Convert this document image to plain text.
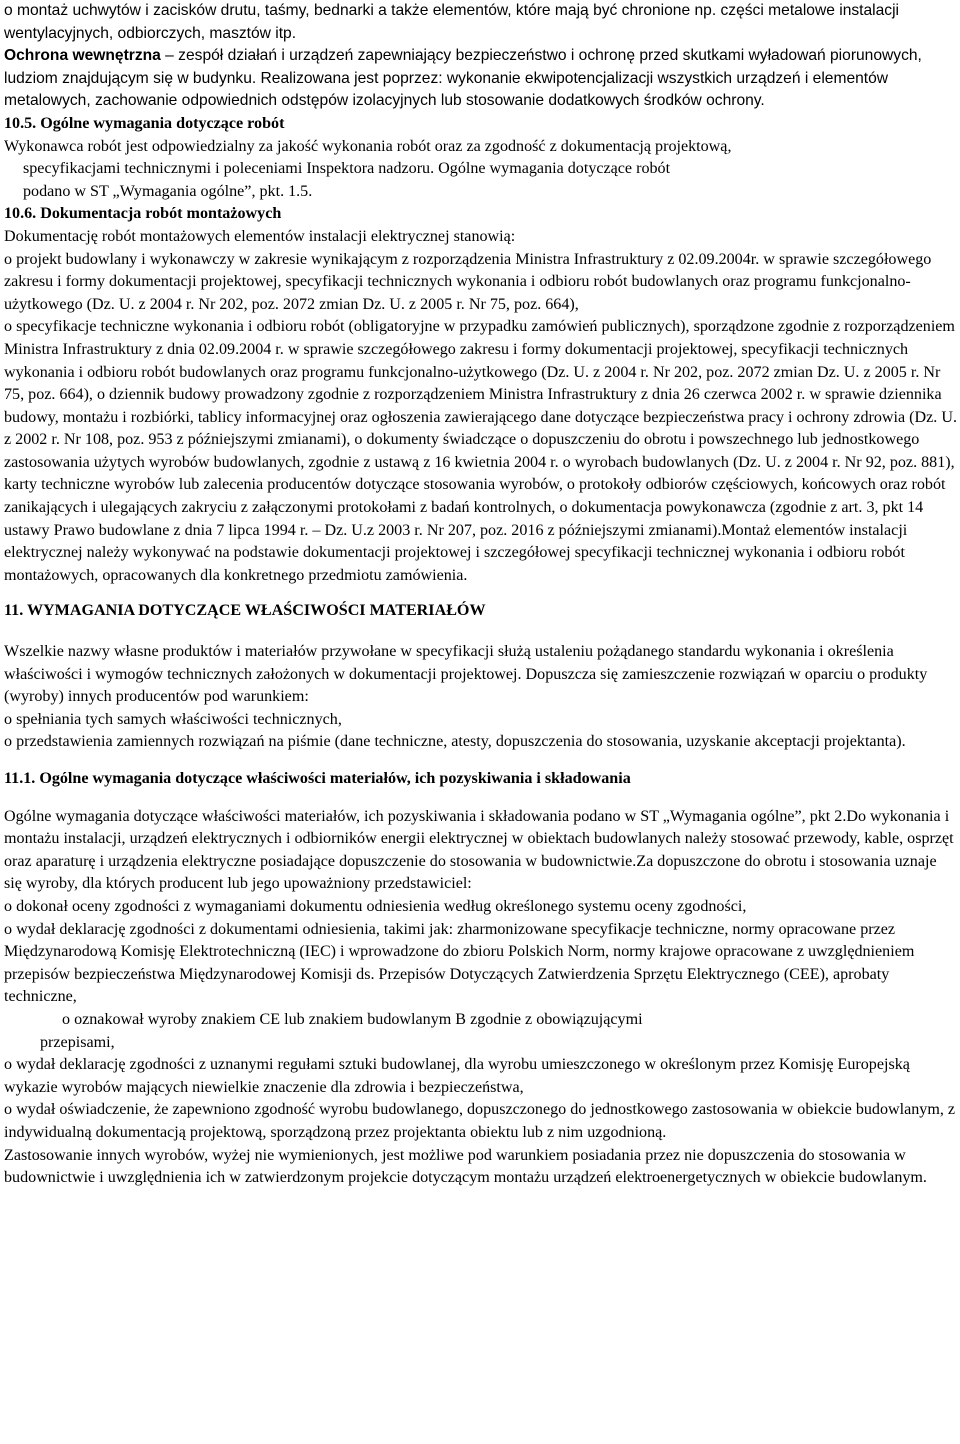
o montaż uchwytów i zacisków drutu, taśmy, bednarki a także elementów, które mają być chronione np. części metalowe instalacji wentylacyjnych, odbiorczych, masztów itp.

Ochrona wewnętrzna – zespół działań i urządzeń zapewniający bezpieczeństwo i ochronę przed skutkami wyładowań piorunowych, ludziom znajdującym się w budynku. Realizowana jest poprzez: wykonanie ekwipotencjalizacji wszystkich urządzeń i elementów metalowych, zachowanie odpowiednich odstępów izolacyjnych lub stosowanie dodatkowych środków ochrony.

10.5. Ogólne wymagania dotyczące robót

Wykonawca robót jest odpowiedzialny za jakość wykonania robót oraz za zgodność z dokumentacją projektową,

specyfikacjami technicznymi i poleceniami Inspektora nadzoru. Ogólne wymagania dotyczące robót

podano w ST „Wymagania ogólne”, pkt. 1.5.

10.6. Dokumentacja robót montażowych

Dokumentację robót montażowych elementów instalacji elektrycznej stanowią:

o projekt budowlany i wykonawczy w zakresie wynikającym z rozporządzenia Ministra Infrastruktury z 02.09.2004r. w sprawie szczegółowego zakresu i formy dokumentacji projektowej, specyfikacji technicznych wykonania i odbioru robót budowlanych oraz programu funkcjonalno-użytkowego (Dz. U. z 2004 r. Nr 202, poz. 2072 zmian Dz. U. z 2005 r. Nr 75, poz. 664),

o specyfikacje techniczne wykonania i odbioru robót (obligatoryjne w przypadku zamówień publicznych), sporządzone zgodnie z rozporządzeniem Ministra Infrastruktury z dnia 02.09.2004 r. w sprawie szczegółowego zakresu i formy dokumentacji projektowej, specyfikacji technicznych wykonania i odbioru robót budowlanych oraz programu funkcjonalno-użytkowego (Dz. U. z 2004 r. Nr 202, poz. 2072 zmian Dz. U. z 2005 r. Nr 75, poz. 664), o dziennik budowy prowadzony zgodnie z rozporządzeniem Ministra Infrastruktury z dnia 26 czerwca 2002 r. w sprawie dziennika budowy, montażu i rozbiórki, tablicy informacyjnej oraz ogłoszenia zawierającego dane dotyczące bezpieczeństwa pracy i ochrony zdrowia (Dz. U. z 2002 r. Nr 108, poz. 953 z późniejszymi zmianami), o dokumenty świadczące o dopuszczeniu do obrotu i powszechnego lub jednostkowego zastosowania użytych wyrobów budowlanych, zgodnie z ustawą z 16 kwietnia 2004 r. o wyrobach budowlanych (Dz. U. z 2004 r. Nr 92, poz. 881), karty techniczne wyrobów lub zalecenia producentów dotyczące stosowania wyrobów, o protokoły odbiorów częściowych, końcowych oraz robót zanikających i ulegających zakryciu z załączonymi protokołami z badań kontrolnych, o dokumentacja powykonawcza (zgodnie z art. 3, pkt 14 ustawy Prawo budowlane z dnia 7 lipca 1994 r. – Dz. U.z 2003 r. Nr 207, poz. 2016 z późniejszymi zmianami).Montaż elementów instalacji elektrycznej należy wykonywać na podstawie dokumentacji projektowej i szczegółowej specyfikacji technicznej wykonania i odbioru robót montażowych, opracowanych dla konkretnego przedmiotu zamówienia.

11. WYMAGANIA DOTYCZĄCE WŁAŚCIWOŚCI MATERIAŁÓW

Wszelkie nazwy własne produktów i materiałów przywołane w specyfikacji służą ustaleniu pożądanego standardu wykonania i określenia właściwości i wymogów technicznych założonych w dokumentacji projektowej. Dopuszcza się zamieszczenie rozwiązań w oparciu o produkty (wyroby) innych producentów pod warunkiem:

o spełniania tych samych właściwości technicznych,

o przedstawienia zamiennych rozwiązań na piśmie (dane techniczne, atesty, dopuszczenia do stosowania, uzyskanie akceptacji projektanta).

11.1. Ogólne wymagania dotyczące właściwości materiałów, ich pozyskiwania i składowania

Ogólne wymagania dotyczące właściwości materiałów, ich pozyskiwania i składowania podano w ST „Wymagania ogólne”, pkt 2.Do wykonania i montażu instalacji, urządzeń elektrycznych i odbiorników energii elektrycznej w obiektach budowlanych należy stosować przewody, kable, osprzęt oraz aparaturę i urządzenia elektryczne posiadające dopuszczenie do stosowania w budownictwie.Za dopuszczone do obrotu i stosowania uznaje się wyroby, dla których producent lub jego upoważniony przedstawiciel:

o dokonał oceny zgodności z wymaganiami dokumentu odniesienia według określonego systemu oceny zgodności,

o wydał deklarację zgodności z dokumentami odniesienia, takimi jak: zharmonizowane specyfikacje techniczne, normy opracowane przez Międzynarodową Komisję Elektrotechniczną (IEC) i wprowadzone do zbioru Polskich Norm, normy krajowe opracowane z uwzględnieniem przepisów bezpieczeństwa Międzynarodowej Komisji ds. Przepisów Dotyczących Zatwierdzenia Sprzętu Elektrycznego (CEE), aprobaty techniczne,

o oznakował wyroby znakiem CE lub znakiem budowlanym B zgodnie z obowiązującymi

przepisami,

o wydał deklarację zgodności z uznanymi regułami sztuki budowlanej, dla wyrobu umieszczonego w określonym przez Komisję Europejską wykazie wyrobów mających niewielkie znaczenie dla zdrowia i bezpieczeństwa,

o wydał oświadczenie, że zapewniono zgodność wyrobu budowlanego, dopuszczonego do jednostkowego zastosowania w obiekcie budowlanym, z indywidualną dokumentacją projektową, sporządzoną przez projektanta obiektu lub z nim uzgodnioną.

Zastosowanie innych wyrobów, wyżej nie wymienionych, jest możliwe pod warunkiem posiadania przez nie dopuszczenia do stosowania w budownictwie i uwzględnienia ich w zatwierdzonym projekcie dotyczącym montażu urządzeń elektroenergetycznych w obiekcie budowlanym.
